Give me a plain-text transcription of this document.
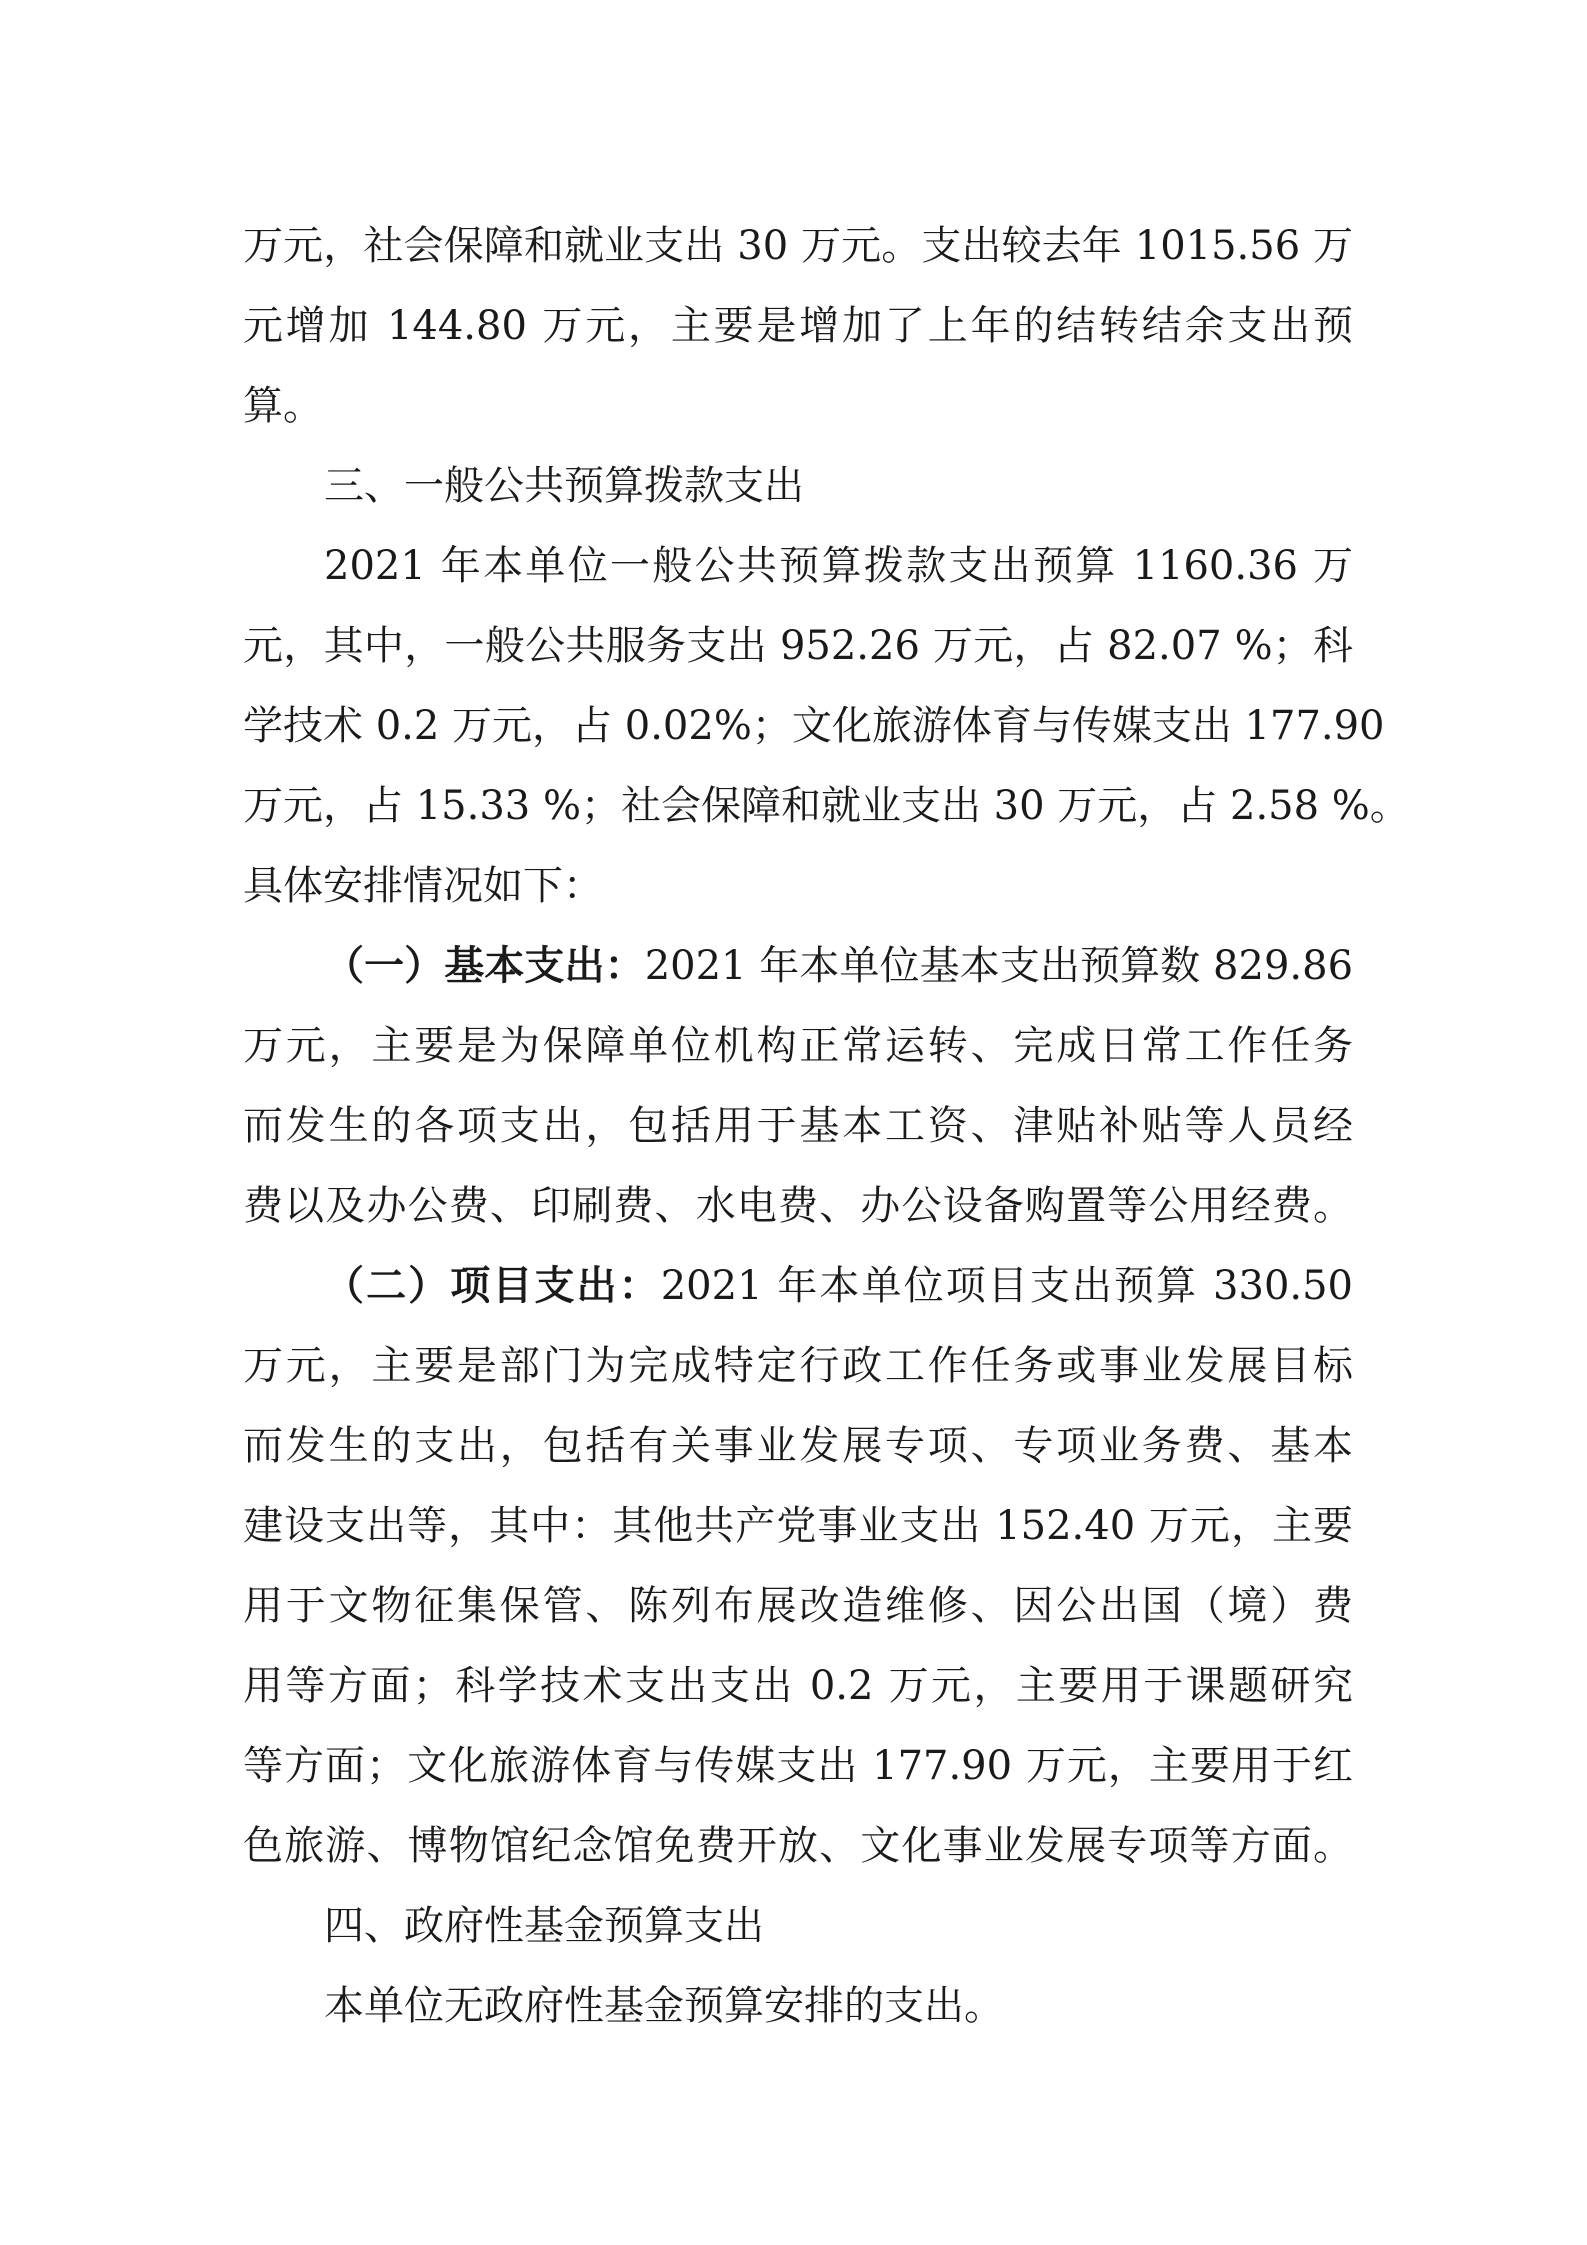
万元，社会保障和就业支出 30 万元。支出较去年 1015.56 万
元增加 144.80 万元，主要是增加了上年的结转结余支出预
算。
三、一般公共预算拨款支出
2021 年本单位一般公共预算拨款支出预算 1160.36 万
元，其中，一般公共服务支出 952.26 万元，占 82.07 %；科
学技术 0.2 万元，占 0.02%；文化旅游体育与传媒支出 177.90
万元，占 15.33 %；社会保障和就业支出 30 万元，占 2.58 %。
具体安排情况如下：
（一）基本支出：2021 年本单位基本支出预算数 829.86
万元，主要是为保障单位机构正常运转、完成日常工作任务
而发生的各项支出，包括用于基本工资、津贴补贴等人员经
费以及办公费、印刷费、水电费、办公设备购置等公用经费。
（二）项目支出：2021 年本单位项目支出预算 330.50
万元，主要是部门为完成特定行政工作任务或事业发展目标
而发生的支出，包括有关事业发展专项、专项业务费、基本
建设支出等，其中：其他共产党事业支出 152.40 万元，主要
用于文物征集保管、陈列布展改造维修、因公出国（境）费
用等方面；科学技术支出支出 0.2 万元，主要用于课题研究
等方面；文化旅游体育与传媒支出 177.90 万元，主要用于红
色旅游、博物馆纪念馆免费开放、文化事业发展专项等方面。
四、政府性基金预算支出
本单位无政府性基金预算安排的支出。
